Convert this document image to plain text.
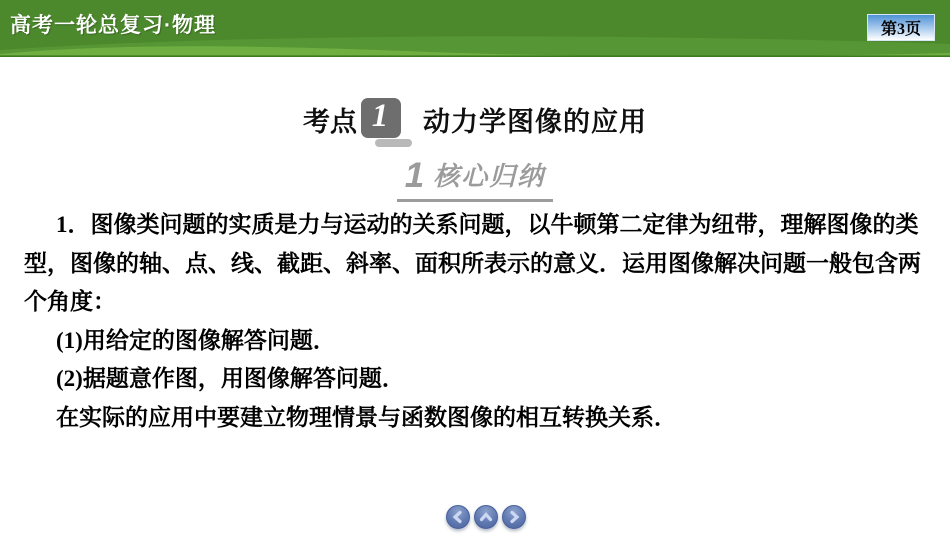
高考一轮总复习·物理	第3页
考点 1 动力学图像的应用
1 核心归纳
1．图像类问题的实质是力与运动的关系问题，以牛顿第二定律为纽带，理解图像的类
型，图像的轴、点、线、截距、斜率、面积所表示的意义．运用图像解决问题一般包含两
个角度：
(1)用给定的图像解答问题．
(2)据题意作图，用图像解答问题．
在实际的应用中要建立物理情景与函数图像的相互转换关系．
